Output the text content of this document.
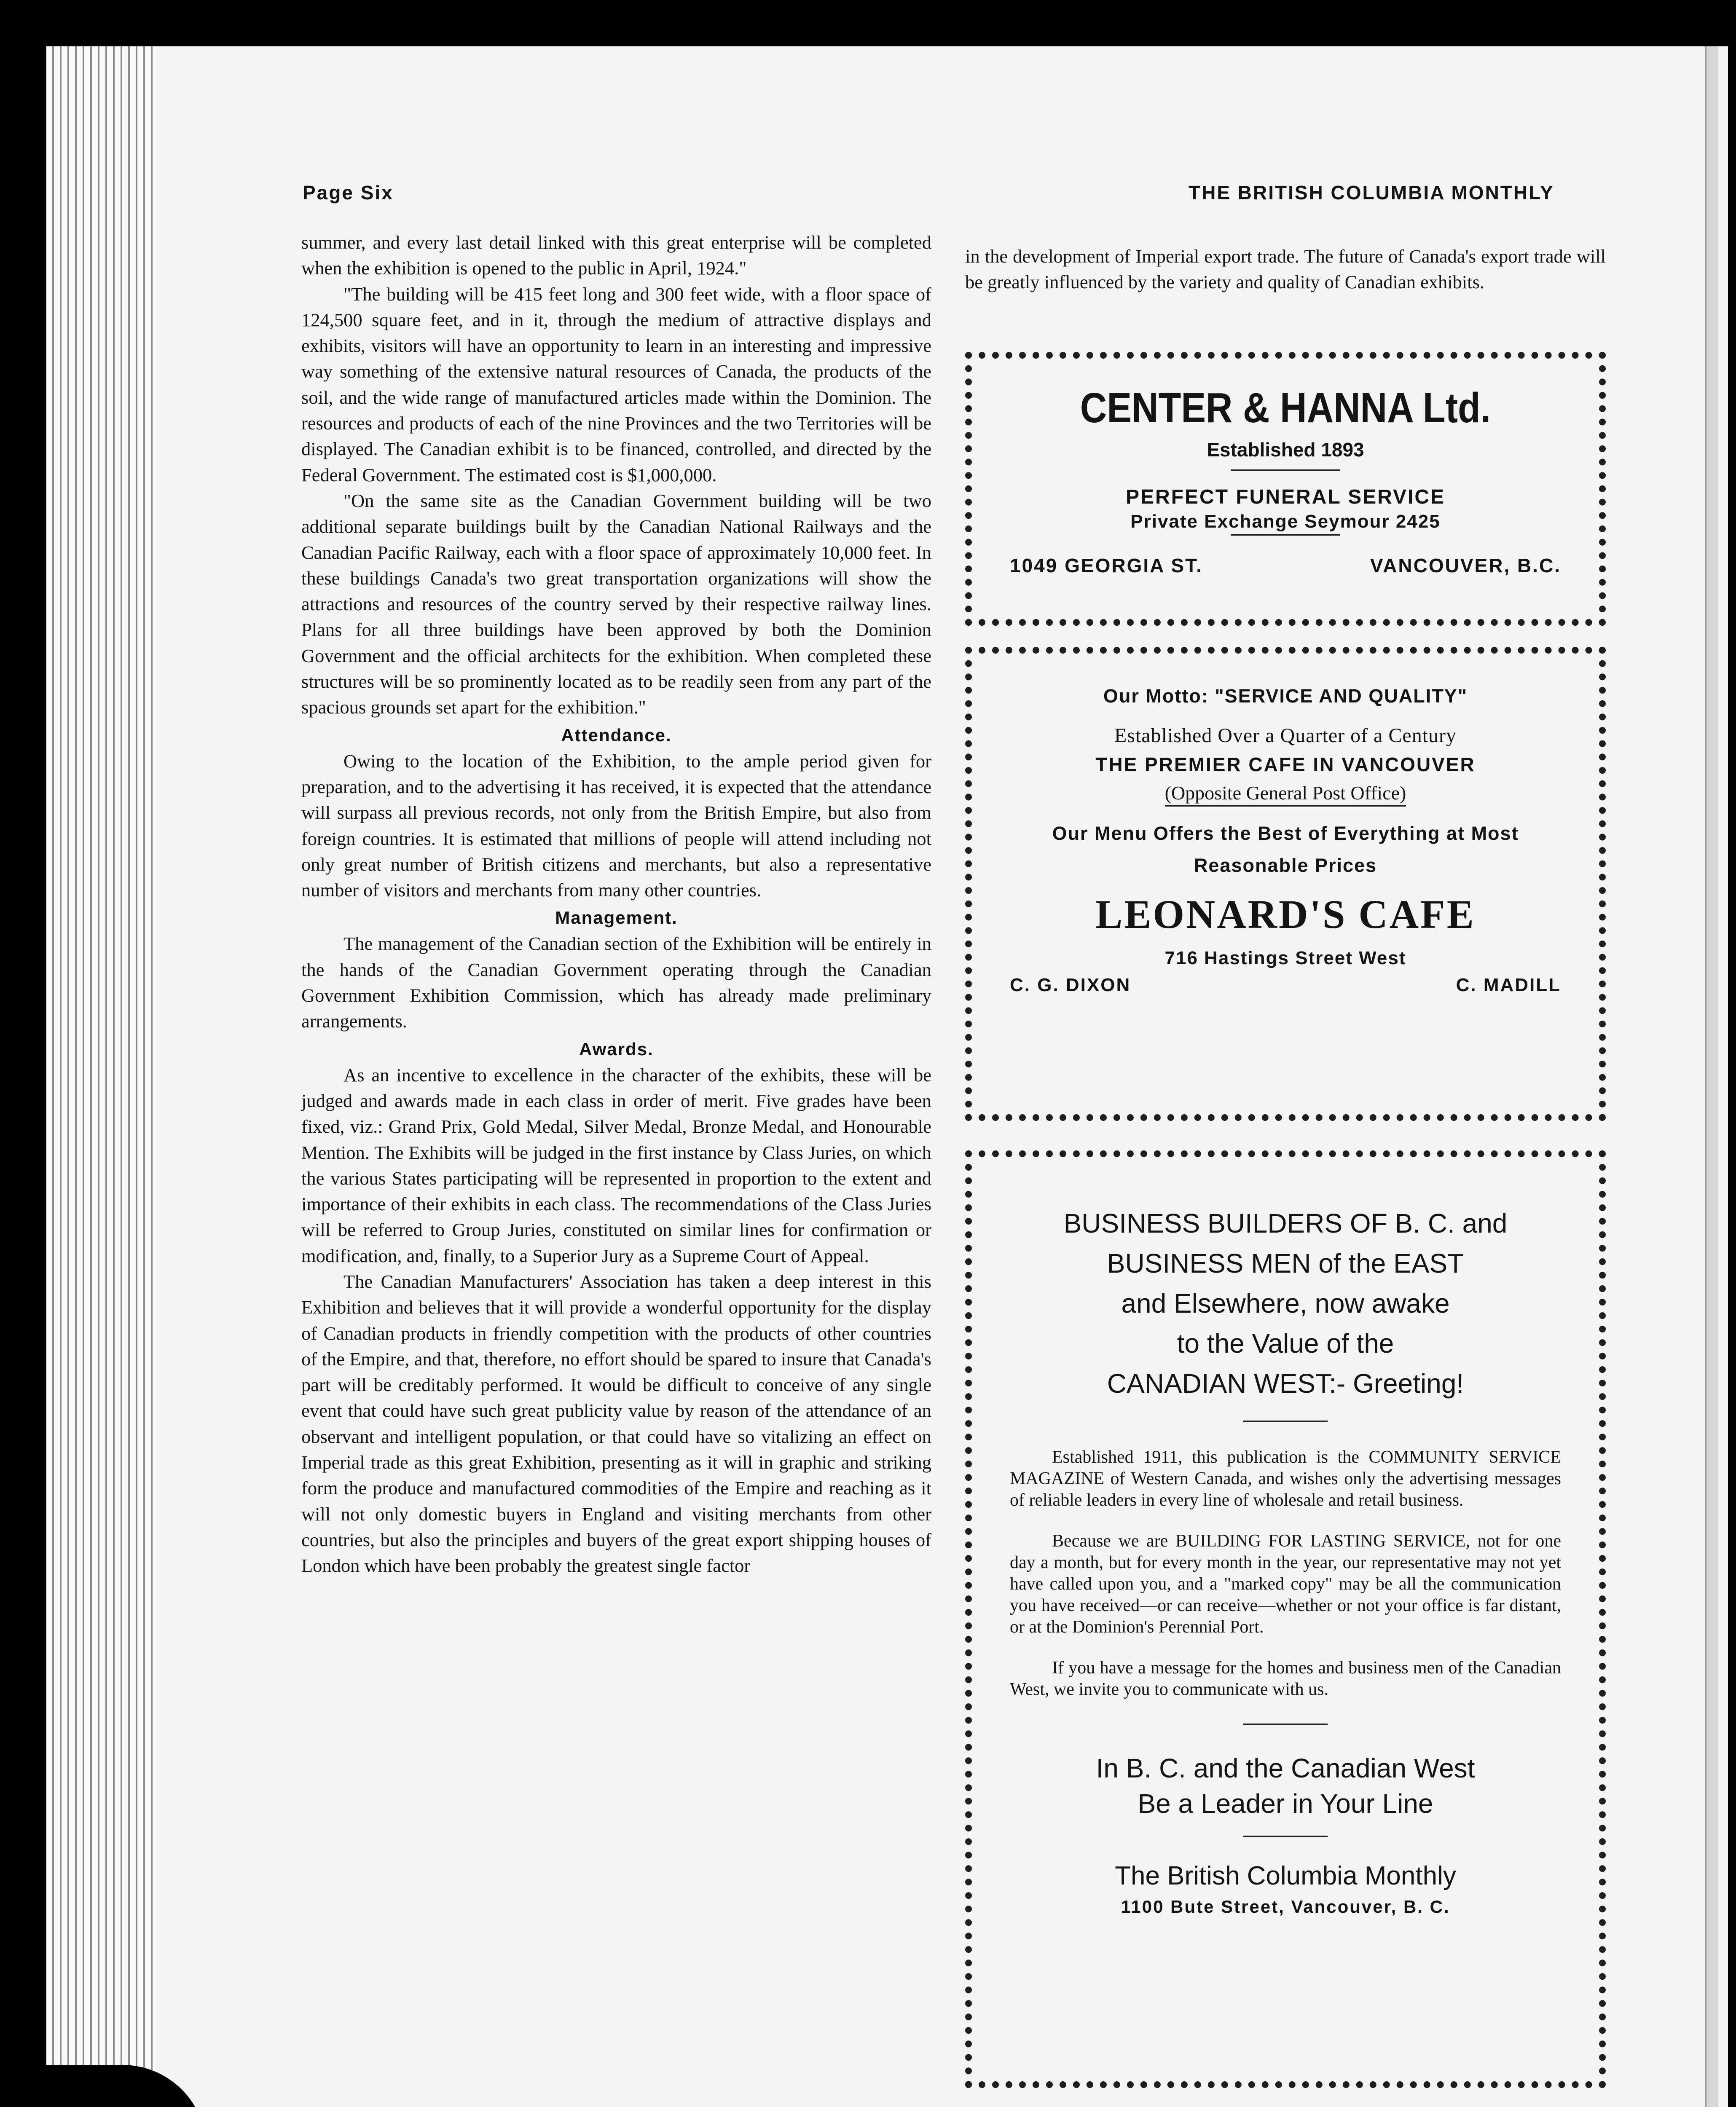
Page Six	THE BRITISH COLUMBIA MONTHLY

summer, and every last detail linked with this great enterprise will be completed when the exhibition is opened to the public in April, 1924."

"The building will be 415 feet long and 300 feet wide, with a floor space of 124,500 square feet, and in it, through the medium of attractive displays and exhibits, visitors will have an opportunity to learn in an interesting and impressive way something of the extensive natural resources of Canada, the products of the soil, and the wide range of manufactured articles made within the Dominion. The resources and products of each of the nine Provinces and the two Territories will be displayed. The Canadian exhibit is to be financed, controlled, and directed by the Federal Government. The estimated cost is $1,000,000.

"On the same site as the Canadian Government building will be two additional separate buildings built by the Canadian National Railways and the Canadian Pacific Railway, each with a floor space of approximately 10,000 feet. In these buildings Canada's two great transportation organizations will show the attractions and resources of the country served by their respective railway lines. Plans for all three buildings have been approved by both the Dominion Government and the official architects for the exhibition. When completed these structures will be so prominently located as to be readily seen from any part of the spacious grounds set apart for the exhibition."

Attendance.

Owing to the location of the Exhibition, to the ample period given for preparation, and to the advertising it has received, it is expected that the attendance will surpass all previous records, not only from the British Empire, but also from foreign countries. It is estimated that millions of people will attend including not only great number of British citizens and merchants, but also a representative number of visitors and merchants from many other countries.

Management.

The management of the Canadian section of the Exhibition will be entirely in the hands of the Canadian Government operating through the Canadian Government Exhibition Commission, which has already made preliminary arrangements.

Awards.

As an incentive to excellence in the character of the exhibits, these will be judged and awards made in each class in order of merit. Five grades have been fixed, viz.: Grand Prix, Gold Medal, Silver Medal, Bronze Medal, and Honourable Mention. The Exhibits will be judged in the first instance by Class Juries, on which the various States participating will be represented in proportion to the extent and importance of their exhibits in each class. The recommendations of the Class Juries will be referred to Group Juries, constituted on similar lines for confirmation or modification, and, finally, to a Superior Jury as a Supreme Court of Appeal.

The Canadian Manufacturers' Association has taken a deep interest in this Exhibition and believes that it will provide a wonderful opportunity for the display of Canadian products in friendly competition with the products of other countries of the Empire, and that, therefore, no effort should be spared to insure that Canada's part will be creditably performed. It would be difficult to conceive of any single event that could have such great publicity value by reason of the attendance of an observant and intelligent population, or that could have so vitalizing an effect on Imperial trade as this great Exhibition, presenting as it will in graphic and striking form the produce and manufactured commodities of the Empire and reaching as it will not only domestic buyers in England and visiting merchants from other countries, but also the principles and buyers of the great export shipping houses of London which have been probably the greatest single factor

in the development of Imperial export trade. The future of Canada's export trade will be greatly influenced by the variety and quality of Canadian exhibits.

CENTER & HANNA Ltd.
Established 1893
PERFECT FUNERAL SERVICE
Private Exchange Seymour 2425
1049 GEORGIA ST.	VANCOUVER, B.C.
Our Motto: "SERVICE AND QUALITY"
Established Over a Quarter of a Century
THE PREMIER CAFE IN VANCOUVER
(Opposite General Post Office)
Our Menu Offers the Best of Everything at Most
Reasonable Prices
LEONARD'S CAFE
716 Hastings Street West
C. G. DIXON	C. MADILL
BUSINESS BUILDERS OF B. C. and
BUSINESS MEN of the EAST
and Elsewhere, now awake
to the Value of the
CANADIAN WEST:- Greeting!

Established 1911, this publication is the COMMUNITY SERVICE MAGAZINE of Western Canada, and wishes only the advertising messages of reliable leaders in every line of wholesale and retail business.

Because we are BUILDING FOR LASTING SERVICE, not for one day a month, but for every month in the year, our representative may not yet have called upon you, and a "marked copy" may be all the communication you have received—or can receive—whether or not your office is far distant, or at the Dominion's Perennial Port.

If you have a message for the homes and business men of the Canadian West, we invite you to communicate with us.

In B. C. and the Canadian West
Be a Leader in Your Line
The British Columbia Monthly
1100 Bute Street, Vancouver, B. C.
